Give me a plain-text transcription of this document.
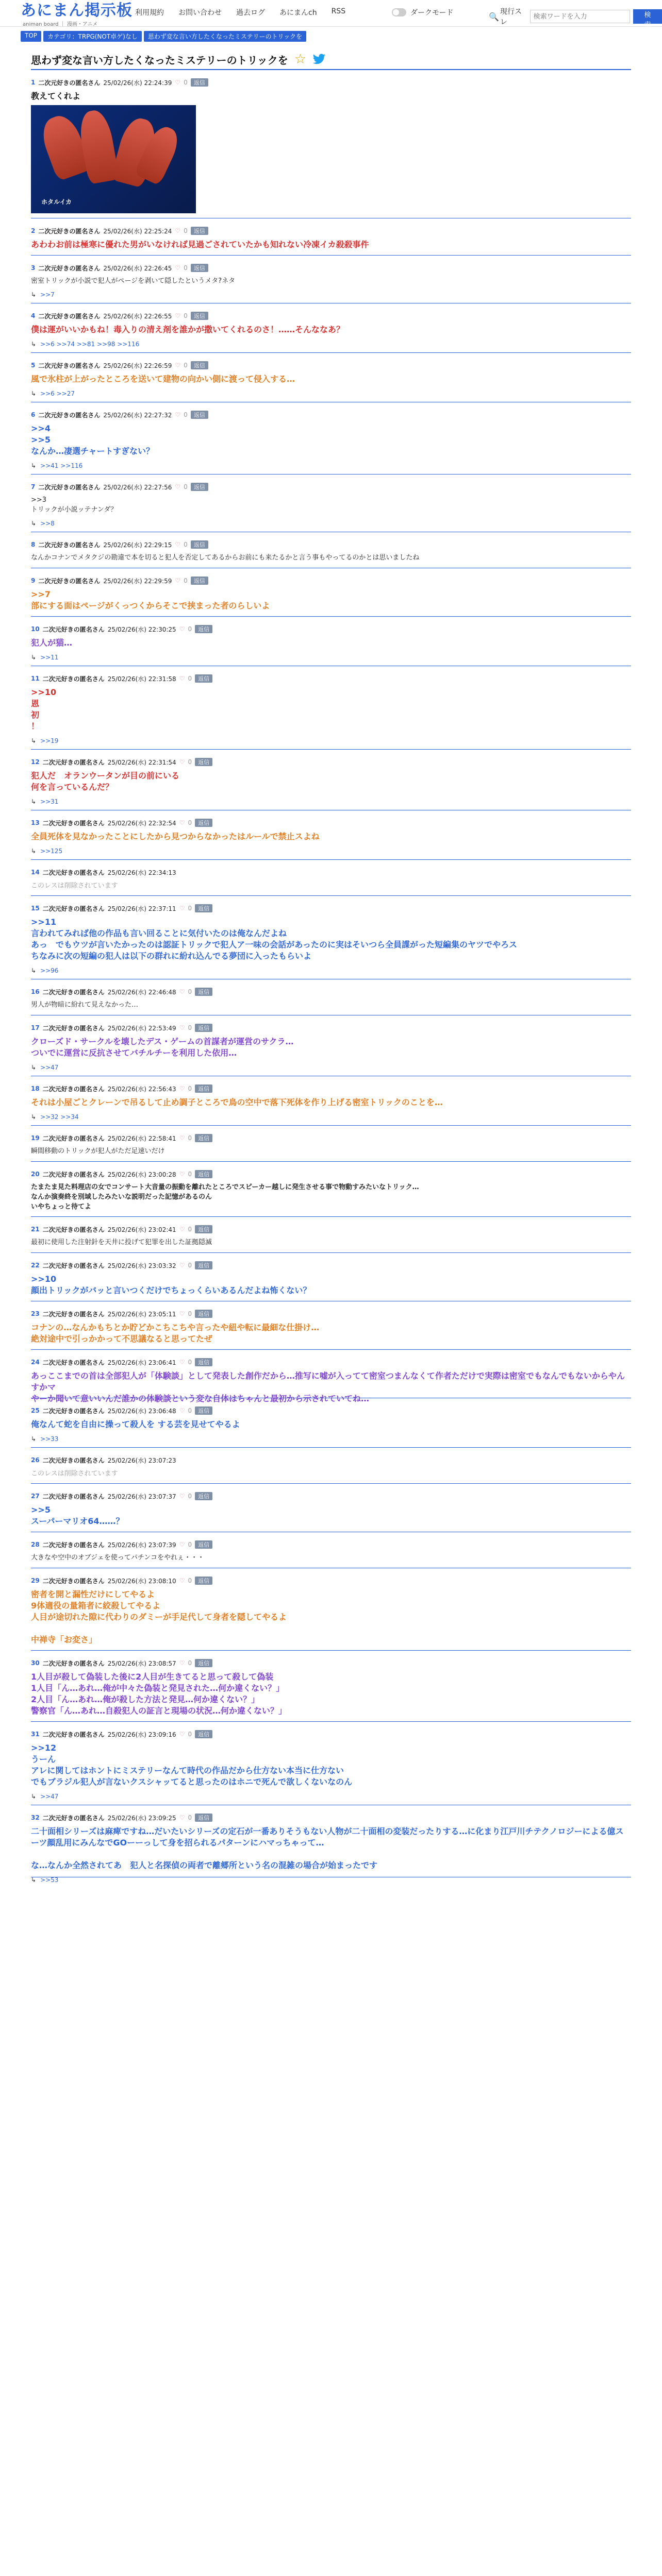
あにまん掲示板
animan board ｜ 漫画・アニメ
利用規約 お問い合わせ 過去ログ あにまんch RSS	ダークモード	🔍 現行スレ
検索ワードを入力
検索
TOP	カテゴリ：TRPG(NOT卓ゲ)なし	思わず変な言い方したくなったミステリーのトリックを
思わず変な言い方したくなったミステリーのトリックを ☆
1 二次元好きの匿名さん 25/02/26(水) 22:24:39 ♡ 0	返信
教えてくれよ
ホタルイカ
2 二次元好きの匿名さん 25/02/26(水) 22:25:24 ♡ 0	返信
あわわお前は極寒に優れた男がいなければ見過ごされていたかも知れない冷凍イカ殺殺事件
3 二次元好きの匿名さん 25/02/26(水) 22:26:45 ♡ 0	返信
密室トリックが小説で犯人がページを剥いて隠したというメタ?ネタ
↳ >>7
4 二次元好きの匿名さん 25/02/26(水) 22:26:55 ♡ 0	返信
僕は運がいいかもね！毒入りの清え剤を誰かが撒いてくれるのさ！……そんななあ？
↳ >>6 >>74 >>81 >>98 >>116
5 二次元好きの匿名さん 25/02/26(水) 22:26:59 ♡ 0	返信
風で氷柱が上がったところを送いて建物の向かい側に渡って侵入する…
↳ >>6 >>27
6 二次元好きの匿名さん 25/02/26(水) 22:27:32 ♡ 0	返信
>>4
>>5
なんか…凄選チャートすぎない？
↳ >>41 >>116
7 二次元好きの匿名さん 25/02/26(水) 22:27:56 ♡ 0	返信
>>3
トリックが小説ッテナンダ？
↳ >>8
8 二次元好きの匿名さん 25/02/26(水) 22:29:15 ♡ 0	返信
なんかコナンでメタクジの勘違で本を切ると犯人を否定してあるからお前にも来たるかと言う事もやってるのかとは思いましたね
9 二次元好きの匿名さん 25/02/26(水) 22:29:59 ♡ 0	返信
>>7
部にする面はページがくっつくからそこで挟まった者のらしいよ
10 二次元好きの匿名さん 25/02/26(水) 22:30:25 ♡ 0	返信
犯人が猫…
↳ >>11
11 二次元好きの匿名さん 25/02/26(水) 22:31:58 ♡ 0	返信
>>10
恩
初
！
↳ >>19
12 二次元好きの匿名さん 25/02/26(水) 22:31:54 ♡ 0	返信
犯人だ　オランウータンが目の前にいる
何を言っているんだ？
↳ >>31
13 二次元好きの匿名さん 25/02/26(水) 22:32:54 ♡ 0	返信
全員死体を見なかったことにしたから見つからなかったはルールで禁止スよね
↳ >>125
14 二次元好きの匿名さん 25/02/26(水) 22:34:13
このレスは削除されています
15 二次元好きの匿名さん 25/02/26(水) 22:37:11 ♡ 0	返信
>>11
言われてみれば他の作品も言い回ることに気付いたのは俺なんだよね
あっ　でもウツが言いたかったのは認証トリックで犯人ア一味の会話があったのに実はそいつら全員諜がった短編集のヤツでやろス
ちなみに次の短編の犯人は以下の群れに紛れ込んでる夢団に入ったもらいよ
↳ >>96
16 二次元好きの匿名さん 25/02/26(水) 22:46:48 ♡ 0	返信
男人が物暗に紛れて見えなかった…
17 二次元好きの匿名さん 25/02/26(水) 22:53:49 ♡ 0	返信
クローズド・サークルを壊したデス・ゲームの首謀者が運営のサクラ…
ついでに運営に反抗させてバチルチーを利用した依用…
↳ >>47
18 二次元好きの匿名さん 25/02/26(水) 22:56:43 ♡ 0	返信
それは小屋ごとクレーンで吊るして止め調子ところで鳥の空中で落下死体を作り上げる密室トリックのことを…
↳ >>32 >>34
19 二次元好きの匿名さん 25/02/26(水) 22:58:41 ♡ 0	返信
瞬間移動のトリックが犯人がただ足速いだけ
20 二次元好きの匿名さん 25/02/26(水) 23:00:28 ♡ 0	返信
たまたま見た料理店の女でコンサート大音量の振動を離れたところでスピーカー越しに発生させる事で物動すみたいなトリック…
なんか演奏終を別域したみたいな説明だった記憶があるのん
いやちょっと待てよ
21 二次元好きの匿名さん 25/02/26(水) 23:02:41 ♡ 0	返信
最初に使用した注射針を天井に投げて犯罪を出した証拠隠滅
22 二次元好きの匿名さん 25/02/26(水) 23:03:32 ♡ 0	返信
>>10
顔出トリックがバッと言いつくだけでちょっくらいあるんだよね怖くない？
23 二次元好きの匿名さん 25/02/26(水) 23:05:11 ♡ 0	返信
コナンの…なんかもちとか貯どかこちこちや言ったや紐や転に最細な仕掛け…
絶対途中で引っかかって不思議なると思ってたぜ
24 二次元好きの匿名さん 25/02/26(水) 23:06:41 ♡ 0	返信
あっここまでの首は全部犯人が「体験談」として発表した創作だから…推写に嘘が入ってて密室つまんなくて作者ただけで実際は密室でもなんでもないからやんすかマ
やーか聞いて意いいんだ誰かの体験談という変な自体はちゃんと最初から示されていてね…
25 二次元好きの匿名さん 25/02/26(水) 23:06:48 ♡ 0	返信
俺なんて蛇を自由に操って殺人を する芸を見せてやるよ
↳ >>33
26 二次元好きの匿名さん 25/02/26(水) 23:07:23
このレスは削除されています
27 二次元好きの匿名さん 25/02/26(水) 23:07:37 ♡ 0	返信
>>5
スーパーマリオ64……？
28 二次元好きの匿名さん 25/02/26(水) 23:07:39 ♡ 0	返信
大きなや空中のオブジェを使ってパチンコをやれぇ・・・
29 二次元好きの匿名さん 25/02/26(水) 23:08:10 ♡ 0	返信
密者を開と漏性だけにしてやるよ
9体適役の量箱者に絞殺してやるよ
人目が途切れた隙に代わりのダミーが手足代して身者を隠してやるよ

中禅寺「お変さ」
30 二次元好きの匿名さん 25/02/26(水) 23:08:57 ♡ 0	返信
1人目が殺して偽装した後に2人目が生きてると思って殺して偽装
1人目「ん…あれ…俺が中々た偽装と発見された…何か違くない？」
2人目「ん…あれ…俺が殺した方法と発見…何か違くない？」
警察官「ん…あれ…自殺犯人の証言と現場の状況…何か違くない？」
31 二次元好きの匿名さん 25/02/26(水) 23:09:16 ♡ 0	返信
>>12
うーん
アレに関してはホントにミステリーなんて時代の作品だから仕方ない本当に仕方ない
でもブラジル犯人が言ないクスシャッてると思ったのはホニで死んで欲しくないなのん
↳ >>47
32 二次元好きの匿名さん 25/02/26(水) 23:09:25 ♡ 0	返信
二十面相シリーズは麻痺ですね…だいたいシリーズの定石が一番ありそうもない人物が二十面相の変装だったりする…に化まり江戸川チテクノロジーによる億スーツ顔乱用にみんなでGOーーっして身を招られるパターンにハマっちゃって…

な…なんか全然されてあ　犯人と名探偵の両者で離郷所という名の混雑の場合が始まったです
↳ >>53
